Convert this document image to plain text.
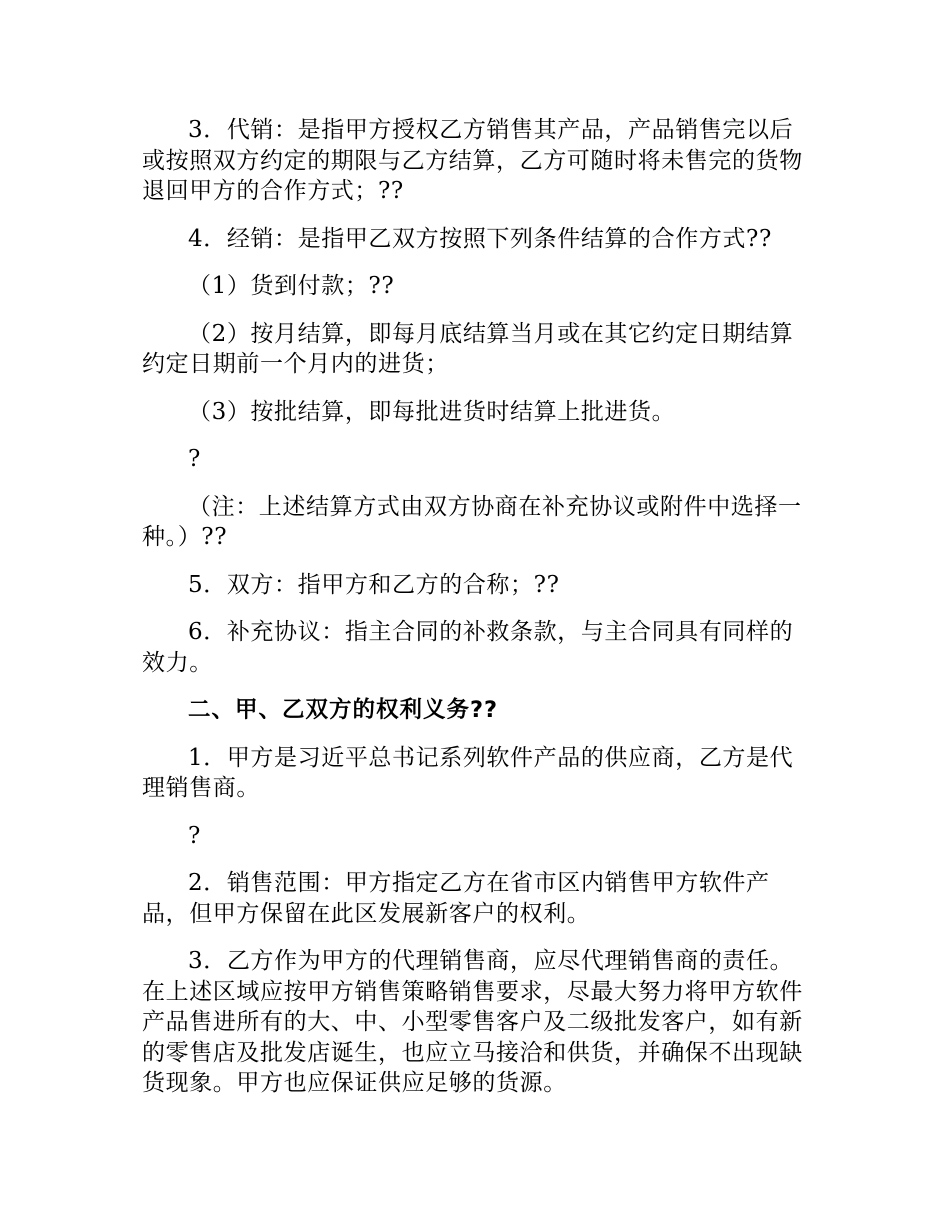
3．代销：是指甲方授权乙方销售其产品，产品销售完以后或按照双方约定的期限与乙方结算，乙方可随时将未售完的货物退回甲方的合作方式；??

4．经销：是指甲乙双方按照下列条件结算的合作方式??

（1）货到付款；??

（2）按月结算，即每月底结算当月或在其它约定日期结算约定日期前一个月内的进货；

（3）按批结算，即每批进货时结算上批进货。

?

（注：上述结算方式由双方协商在补充协议或附件中选择一种。）??

5．双方：指甲方和乙方的合称；??

6．补充协议：指主合同的补救条款，与主合同具有同样的效力。

二、甲、乙双方的权利义务??

1．甲方是习近平总书记系列软件产品的供应商，乙方是代理销售商。

?

2．销售范围：甲方指定乙方在省市区内销售甲方软件产品，但甲方保留在此区发展新客户的权利。

3．乙方作为甲方的代理销售商，应尽代理销售商的责任。在上述区域应按甲方销售策略销售要求，尽最大努力将甲方软件产品售进所有的大、中、小型零售客户及二级批发客户，如有新的零售店及批发店诞生，也应立马接洽和供货，并确保不出现缺货现象。甲方也应保证供应足够的货源。
